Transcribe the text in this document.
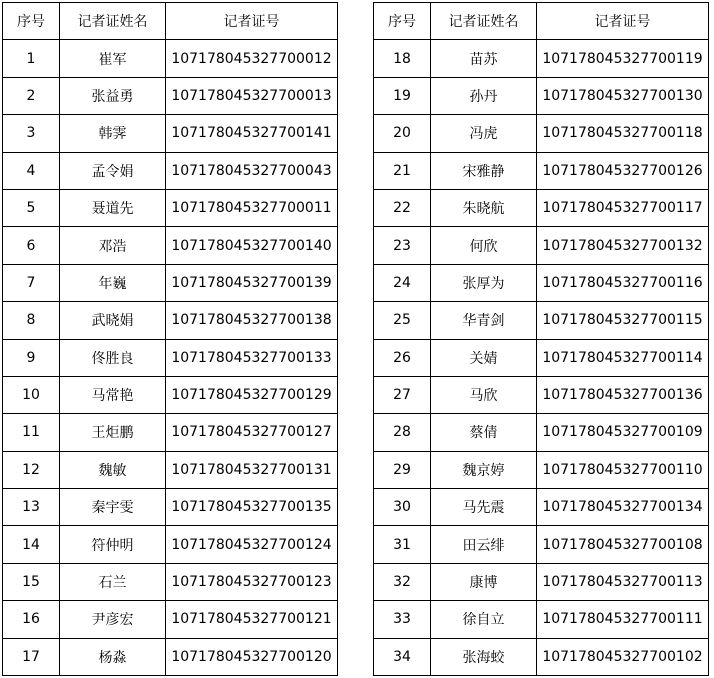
序号	记者证姓名	记者证号
1	崔军	107178045327700012
2	张益勇	107178045327700013
3	韩霁	107178045327700141
4	孟令娟	107178045327700043
5	聂道先	107178045327700011
6	邓浩	107178045327700140
7	年巍	107178045327700139
8	武晓娟	107178045327700138
9	佟胜良	107178045327700133
10	马常艳	107178045327700129
11	王炬鹏	107178045327700127
12	魏敏	107178045327700131
13	秦宇雯	107178045327700135
14	符仲明	107178045327700124
15	石兰	107178045327700123
16	尹彦宏	107178045327700121
17	杨淼	107178045327700120
序号	记者证姓名	记者证号
18	苗苏	107178045327700119
19	孙丹	107178045327700130
20	冯虎	107178045327700118
21	宋雅静	107178045327700126
22	朱晓航	107178045327700117
23	何欣	107178045327700132
24	张厚为	107178045327700116
25	华青剑	107178045327700115
26	关婧	107178045327700114
27	马欣	107178045327700136
28	蔡倩	107178045327700109
29	魏京婷	107178045327700110
30	马先震	107178045327700134
31	田云绯	107178045327700108
32	康博	107178045327700113
33	徐自立	107178045327700111
34	张海蛟	107178045327700102
